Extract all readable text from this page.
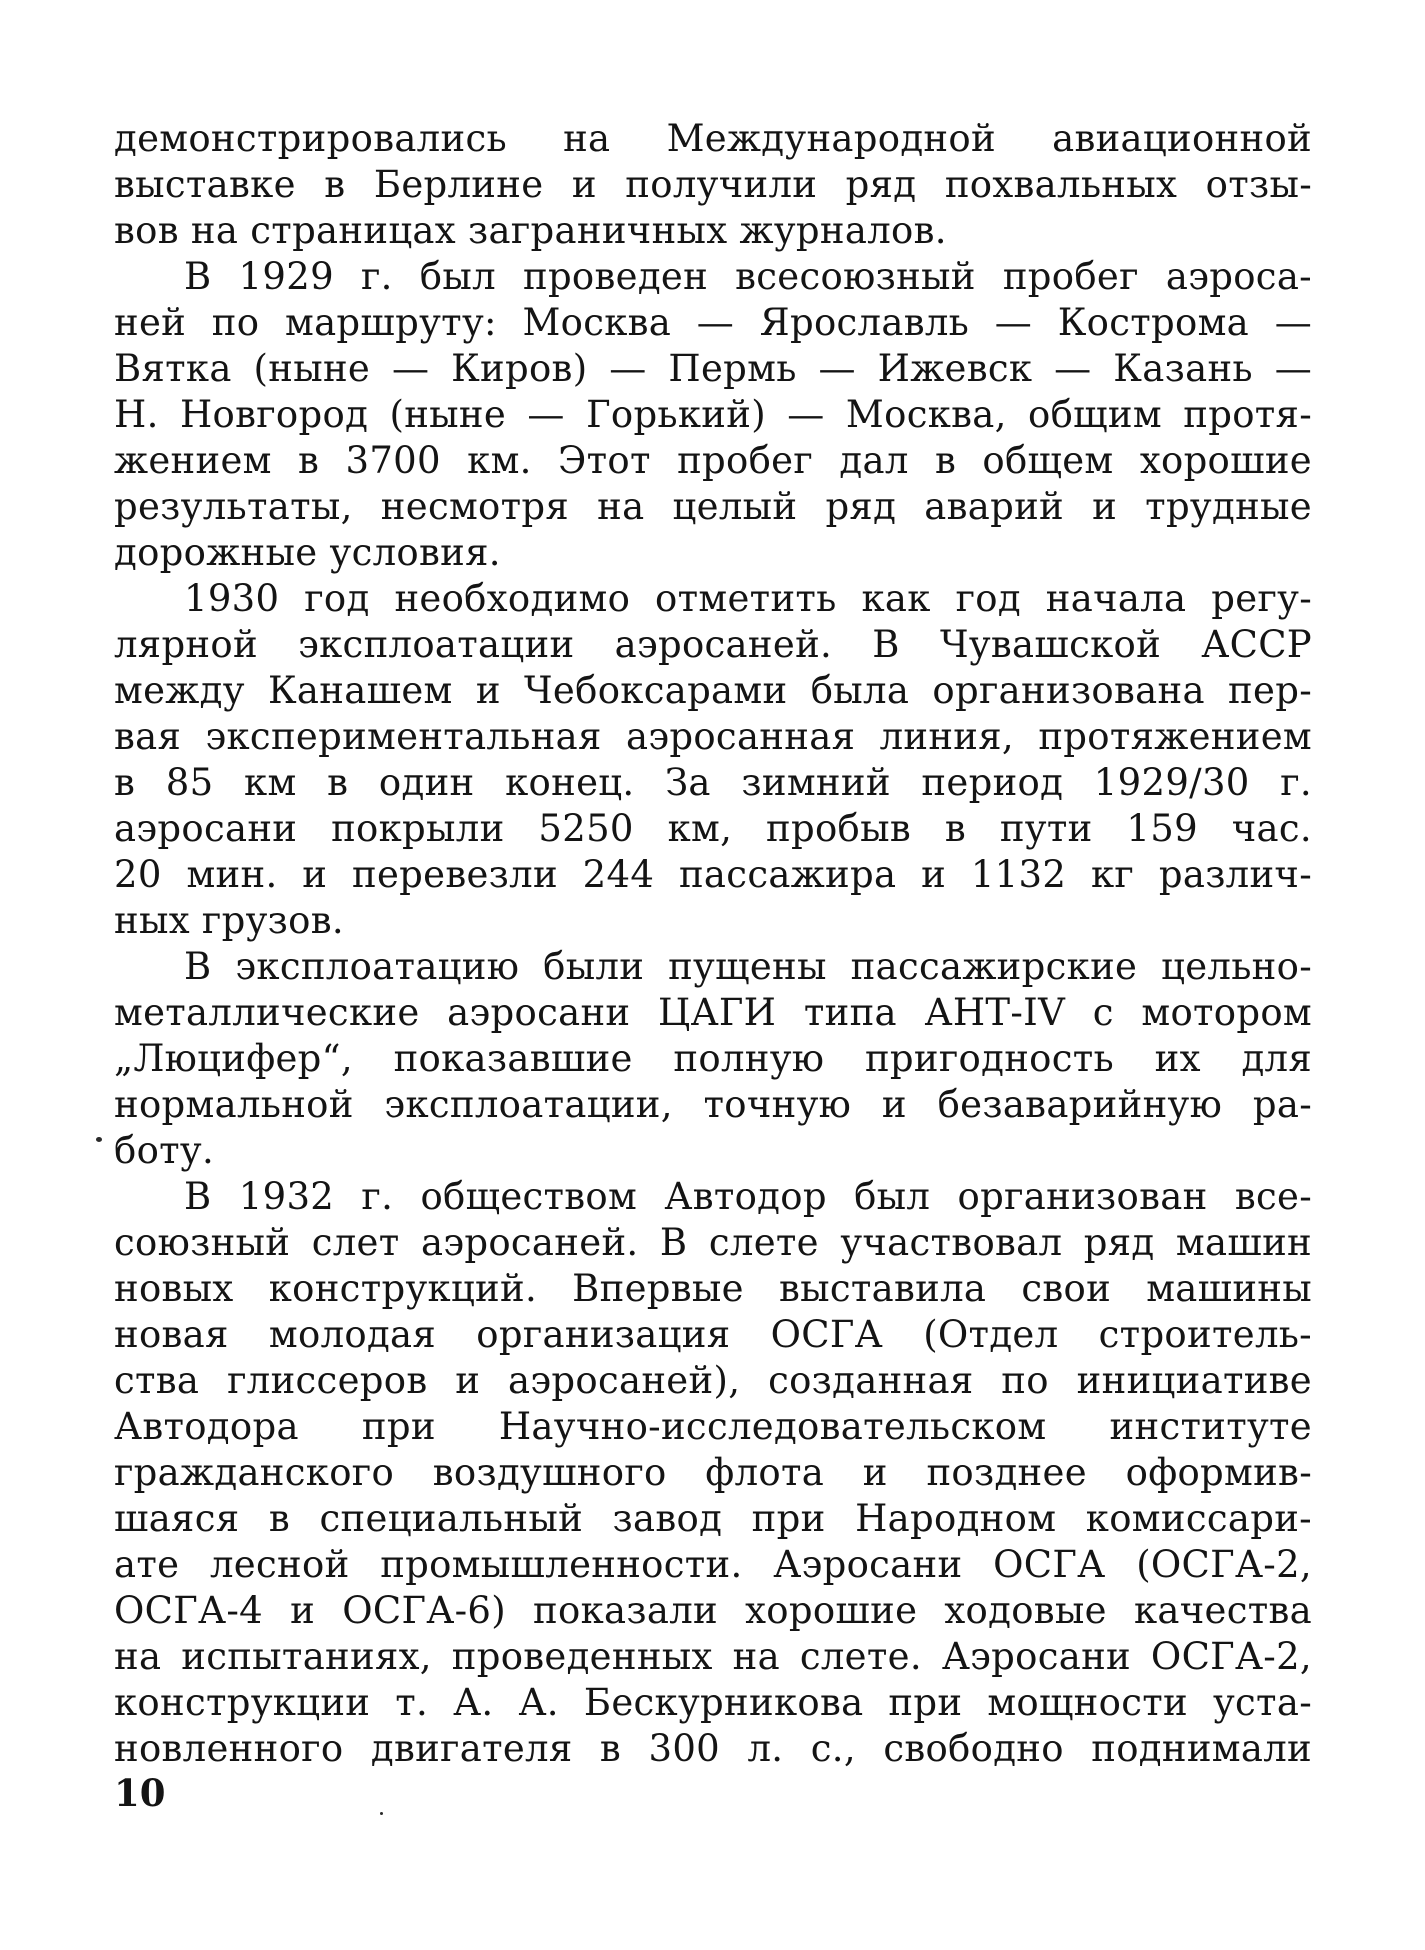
демонстрировались на Международной авиационной
выставке в Берлине и получили ряд похвальных отзы-
вов на страницах заграничных журналов.
В 1929 г. был проведен всесоюзный пробег аэроса-
ней по маршруту: Москва — Ярославль — Кострома —
Вятка (ныне — Киров) — Пермь — Ижевск — Казань —
Н. Новгород (ныне — Горький) — Москва, общим протя-
жением в 3700 км. Этот пробег дал в общем хорошие
результаты, несмотря на целый ряд аварий и трудные
дорожные условия.
1930 год необходимо отметить как год начала регу-
лярной эксплоатации аэросаней. В Чувашской АССР
между Канашем и Чебоксарами была организована пер-
вая экспериментальная аэросанная линия, протяжением
в 85 км в один конец. За зимний период 1929/30 г.
аэросани покрыли 5250 км, пробыв в пути 159 час.
20 мин. и перевезли 244 пассажира и 1132 кг различ-
ных грузов.
В эксплоатацию были пущены пассажирские цельно-
металлические аэросани ЦАГИ типа АНТ-IV с мотором
„Люцифер“, показавшие полную пригодность их для
нормальной эксплоатации, точную и безаварийную ра-
боту.
В 1932 г. обществом Автодор был организован все-
союзный слет аэросаней. В слете участвовал ряд машин
новых конструкций. Впервые выставила свои машины
новая молодая организация ОСГА (Отдел строитель-
ства глиссеров и аэросаней), созданная по инициативе
Автодора при Научно-исследовательском институте
гражданского воздушного флота и позднее оформив-
шаяся в специальный завод при Народном комиссари-
ате лесной промышленности. Аэросани ОСГА (ОСГА-2,
ОСГА-4 и ОСГА-6) показали хорошие ходовые качества
на испытаниях, проведенных на слете. Аэросани ОСГА-2,
конструкции т. А. А. Бескурникова при мощности уста-
новленного двигателя в 300 л. с., свободно поднимали
10
